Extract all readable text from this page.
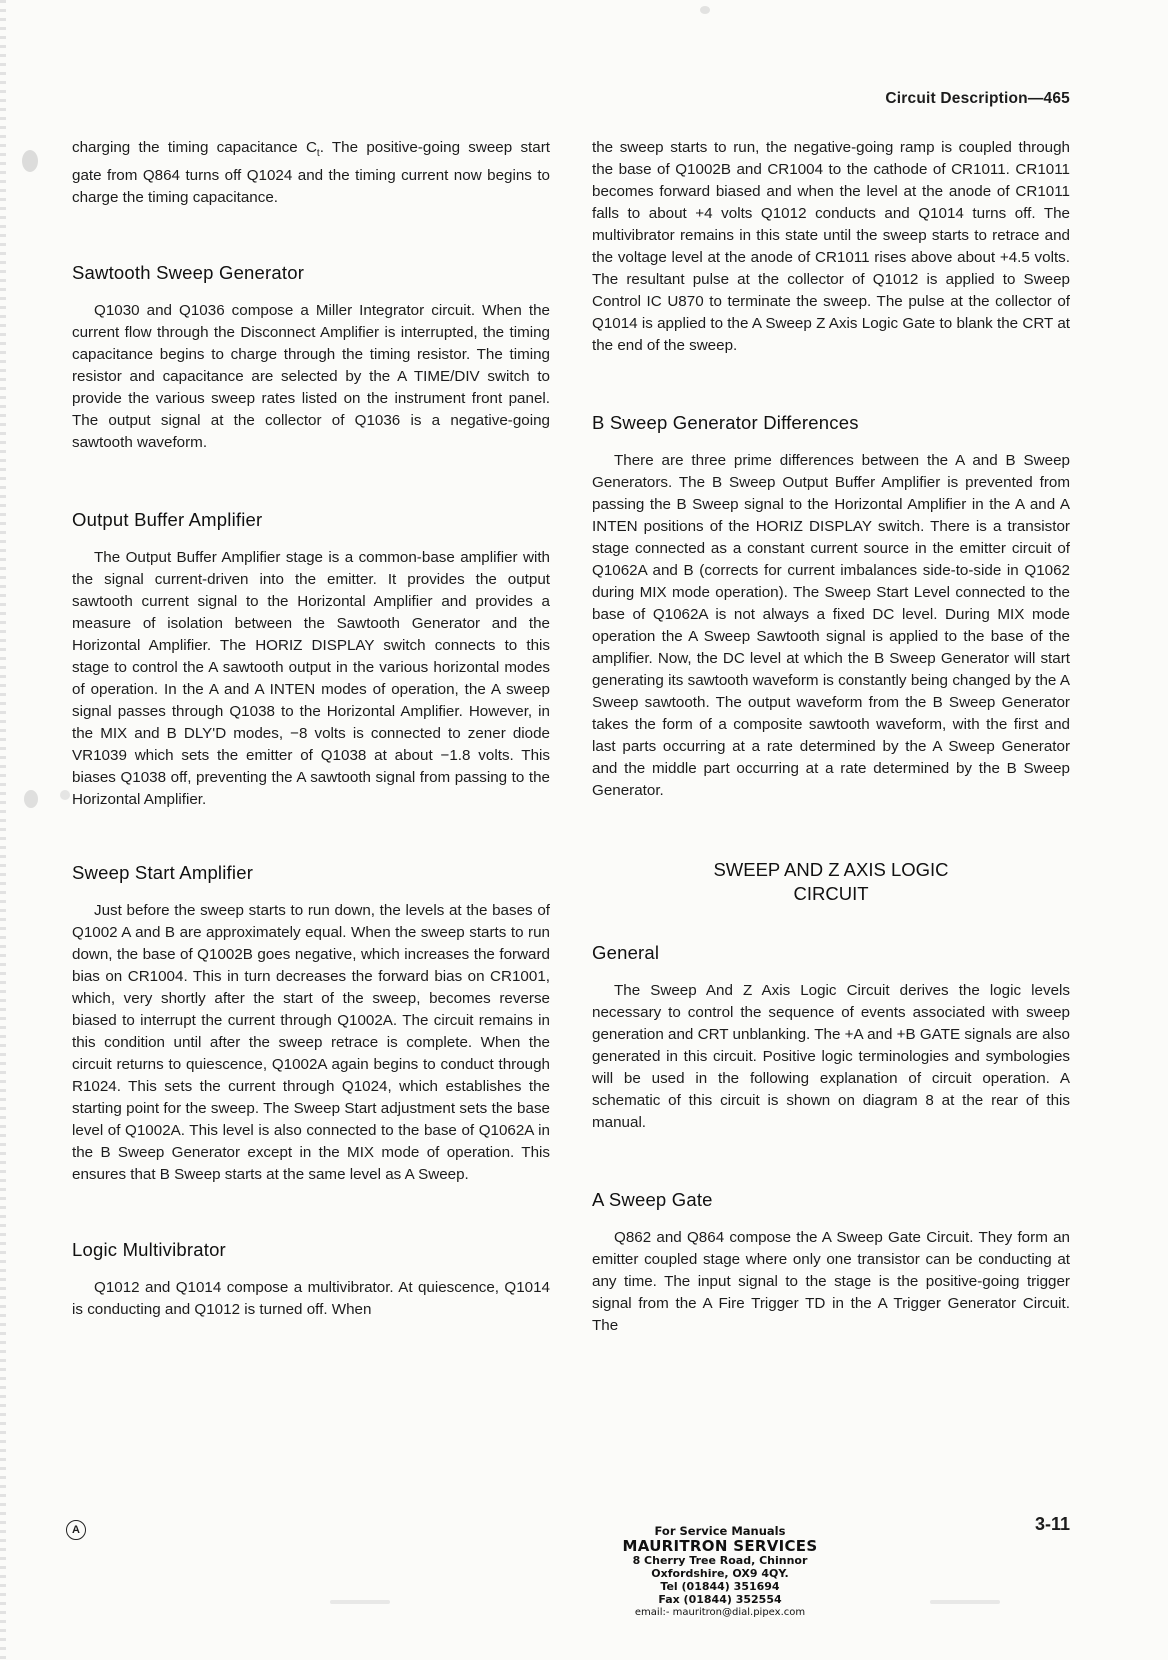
Circuit Description—465

charging the timing capacitance $C_t$. The positive-going sweep start gate from Q864 turns off Q1024 and the timing current now begins to charge the timing capacitance.

Sawtooth Sweep Generator

Q1030 and Q1036 compose a Miller Integrator circuit. When the current flow through the Disconnect Amplifier is interrupted, the timing capacitance begins to charge through the timing resistor. The timing resistor and capacitance are selected by the A TIME/DIV switch to provide the various sweep rates listed on the instrument front panel. The output signal at the collector of Q1036 is a negative-going sawtooth waveform.

Output Buffer Amplifier

The Output Buffer Amplifier stage is a common-base amplifier with the signal current-driven into the emitter. It provides the output sawtooth current signal to the Horizontal Amplifier and provides a measure of isolation between the Sawtooth Generator and the Horizontal Amplifier. The HORIZ DISPLAY switch connects to this stage to control the A sawtooth output in the various horizontal modes of operation. In the A and A INTEN modes of operation, the A sweep signal passes through Q1038 to the Horizontal Amplifier. However, in the MIX and B DLY'D modes, −8 volts is connected to zener diode VR1039 which sets the emitter of Q1038 at about −1.8 volts. This biases Q1038 off, preventing the A sawtooth signal from passing to the Horizontal Amplifier.

Sweep Start Amplifier

Just before the sweep starts to run down, the levels at the bases of Q1002 A and B are approximately equal. When the sweep starts to run down, the base of Q1002B goes negative, which increases the forward bias on CR1004. This in turn decreases the forward bias on CR1001, which, very shortly after the start of the sweep, becomes reverse biased to interrupt the current through Q1002A. The circuit remains in this condition until after the sweep retrace is complete. When the circuit returns to quiescence, Q1002A again begins to conduct through R1024. This sets the current through Q1024, which establishes the starting point for the sweep. The Sweep Start adjustment sets the base level of Q1002A. This level is also connected to the base of Q1062A in the B Sweep Generator except in the MIX mode of operation. This ensures that B Sweep starts at the same level as A Sweep.

Logic Multivibrator

Q1012 and Q1014 compose a multivibrator. At quiescence, Q1014 is conducting and Q1012 is turned off. When

the sweep starts to run, the negative-going ramp is coupled through the base of Q1002B and CR1004 to the cathode of CR1011. CR1011 becomes forward biased and when the level at the anode of CR1011 falls to about +4 volts Q1012 conducts and Q1014 turns off. The multivibrator remains in this state until the sweep starts to retrace and the voltage level at the anode of CR1011 rises above about +4.5 volts. The resultant pulse at the collector of Q1012 is applied to Sweep Control IC U870 to terminate the sweep. The pulse at the collector of Q1014 is applied to the A Sweep Z Axis Logic Gate to blank the CRT at the end of the sweep.

B Sweep Generator Differences

There are three prime differences between the A and B Sweep Generators. The B Sweep Output Buffer Amplifier is prevented from passing the B Sweep signal to the Horizontal Amplifier in the A and A INTEN positions of the HORIZ DISPLAY switch. There is a transistor stage connected as a constant current source in the emitter circuit of Q1062A and B (corrects for current imbalances side-to-side in Q1062 during MIX mode operation). The Sweep Start Level connected to the base of Q1062A is not always a fixed DC level. During MIX mode operation the A Sweep Sawtooth signal is applied to the base of the amplifier. Now, the DC level at which the B Sweep Generator will start generating its sawtooth waveform is constantly being changed by the A Sweep sawtooth. The output waveform from the B Sweep Generator takes the form of a composite sawtooth waveform, with the first and last parts occurring at a rate determined by the A Sweep Generator and the middle part occurring at a rate determined by the B Sweep Generator.

SWEEP AND Z AXIS LOGIC

CIRCUIT

General

The Sweep And Z Axis Logic Circuit derives the logic levels necessary to control the sequence of events associated with sweep generation and CRT unblanking. The +A and +B GATE signals are also generated in this circuit. Positive logic terminologies and symbologies will be used in the following explanation of circuit operation. A schematic of this circuit is shown on diagram 8 at the rear of this manual.

A Sweep Gate

Q862 and Q864 compose the A Sweep Gate Circuit. They form an emitter coupled stage where only one transistor can be conducting at any time. The input signal to the stage is the positive-going trigger signal from the A Fire Trigger TD in the A Trigger Generator Circuit. The

A	3-11
For Service Manuals
MAURITRON SERVICES
8 Cherry Tree Road, Chinnor
Oxfordshire, OX9 4QY.
Tel (01844) 351694
Fax (01844) 352554
email:- mauritron@dial.pipex.com
